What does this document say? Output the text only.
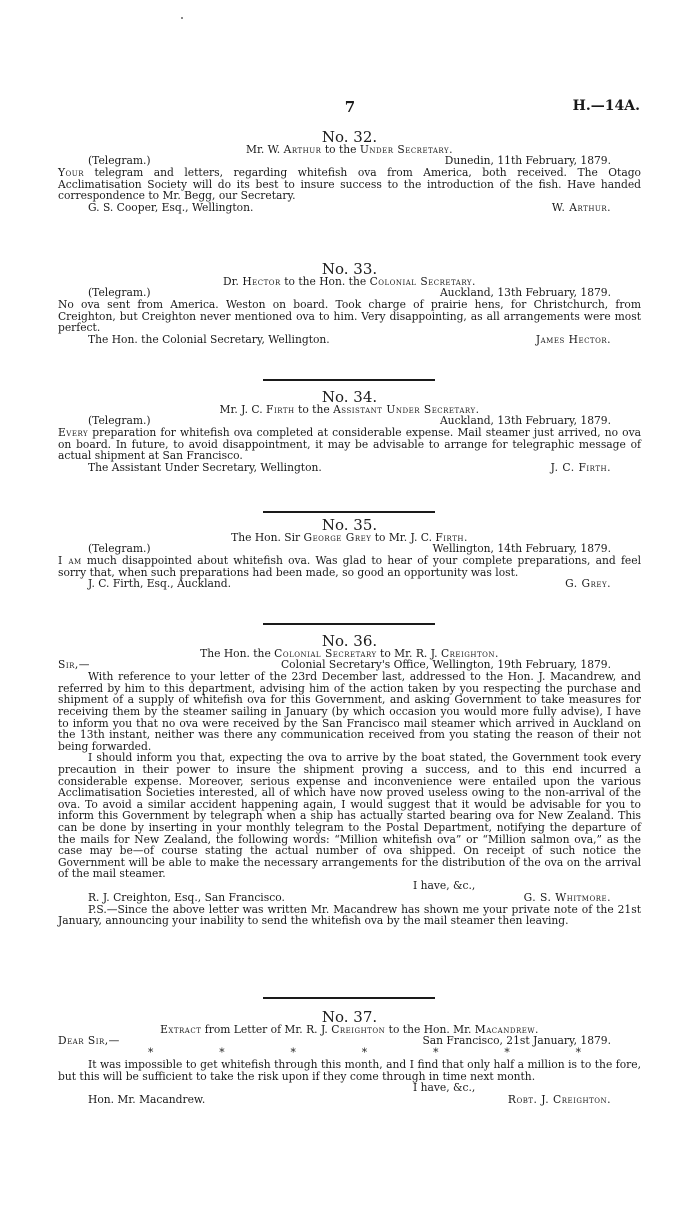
7	H.—14A.

No. 32.

Mr. W. Arthur to the Under Secretary.

(Telegram.)	Dunedin, 11th February, 1879.

Your telegram and letters, regarding whitefish ova from America, both received. The Otago Acclimatisation Society will do its best to insure success to the introduction of the fish. Have handed correspondence to Mr. Begg, our Secretary.

G. S. Cooper, Esq., Wellington.	W. Arthur.

No. 33.

Dr. Hector to the Hon. the Colonial Secretary.

(Telegram.)	Auckland, 13th February, 1879.

No ova sent from America. Weston on board. Took charge of prairie hens, for Christchurch, from Creighton, but Creighton never mentioned ova to him. Very disappointing, as all arrangements were most perfect.

The Hon. the Colonial Secretary, Wellington.	James Hector.

No. 34.

Mr. J. C. Firth to the Assistant Under Secretary.

(Telegram.)	Auckland, 13th February, 1879.

Every preparation for whitefish ova completed at considerable expense. Mail steamer just arrived, no ova on board. In future, to avoid disappointment, it may be advisable to arrange for telegraphic message of actual shipment at San Francisco.

The Assistant Under Secretary, Wellington.	J. C. Firth.

No. 35.

The Hon. Sir George Grey to Mr. J. C. Firth.

(Telegram.)	Wellington, 14th February, 1879.

I am much disappointed about whitefish ova. Was glad to hear of your complete preparations, and feel sorry that, when such preparations had been made, so good an opportunity was lost.

J. C. Firth, Esq., Auckland.	G. Grey.

No. 36.

The Hon. the Colonial Secretary to Mr. R. J. Creighton.

Sir,—	Colonial Secretary's Office, Wellington, 19th February, 1879.

With reference to your letter of the 23rd December last, addressed to the Hon. J. Macandrew, and referred by him to this department, advising him of the action taken by you respecting the purchase and shipment of a supply of whitefish ova for this Government, and asking Government to take measures for receiving them by the steamer sailing in January (by which occasion you would more fully advise), I have to inform you that no ova were received by the San Francisco mail steamer which arrived in Auckland on the 13th instant, neither was there any communication received from you stating the reason of their not being forwarded.

I should inform you that, expecting the ova to arrive by the boat stated, the Government took every precaution in their power to insure the shipment proving a success, and to this end incurred a considerable expense. Moreover, serious expense and inconvenience were entailed upon the various Acclimatisation Societies interested, all of which have now proved useless owing to the non-arrival of the ova. To avoid a similar accident happening again, I would suggest that it would be advisable for you to inform this Government by telegraph when a ship has actually started bearing ova for New Zealand. This can be done by inserting in your monthly telegram to the Postal Department, notifying the departure of the mails for New Zealand, the following words: “Million whitefish ova” or “Million salmon ova,” as the case may be—of course stating the actual number of ova shipped. On receipt of such notice the Government will be able to make the necessary arrangements for the distribution of the ova on the arrival of the mail steamer.

I have, &c.,
R. J. Creighton, Esq., San Francisco.	G. S. Whitmore.

P.S.—Since the above letter was written Mr. Macandrew has shown me your private note of the 21st January, announcing your inability to send the whitefish ova by the mail steamer then leaving.

No. 37.

Extract from Letter of Mr. R. J. Creighton to the Hon. Mr. Macandrew.

Dear Sir,—	San Francisco, 21st January, 1879.
*	*	*	*	*	*	*

It was impossible to get whitefish through this month, and I find that only half a million is to the fore, but this will be sufficient to take the risk upon if they come through in time next month.

I have, &c.,
Hon. Mr. Macandrew.	Robt. J. Creighton.
